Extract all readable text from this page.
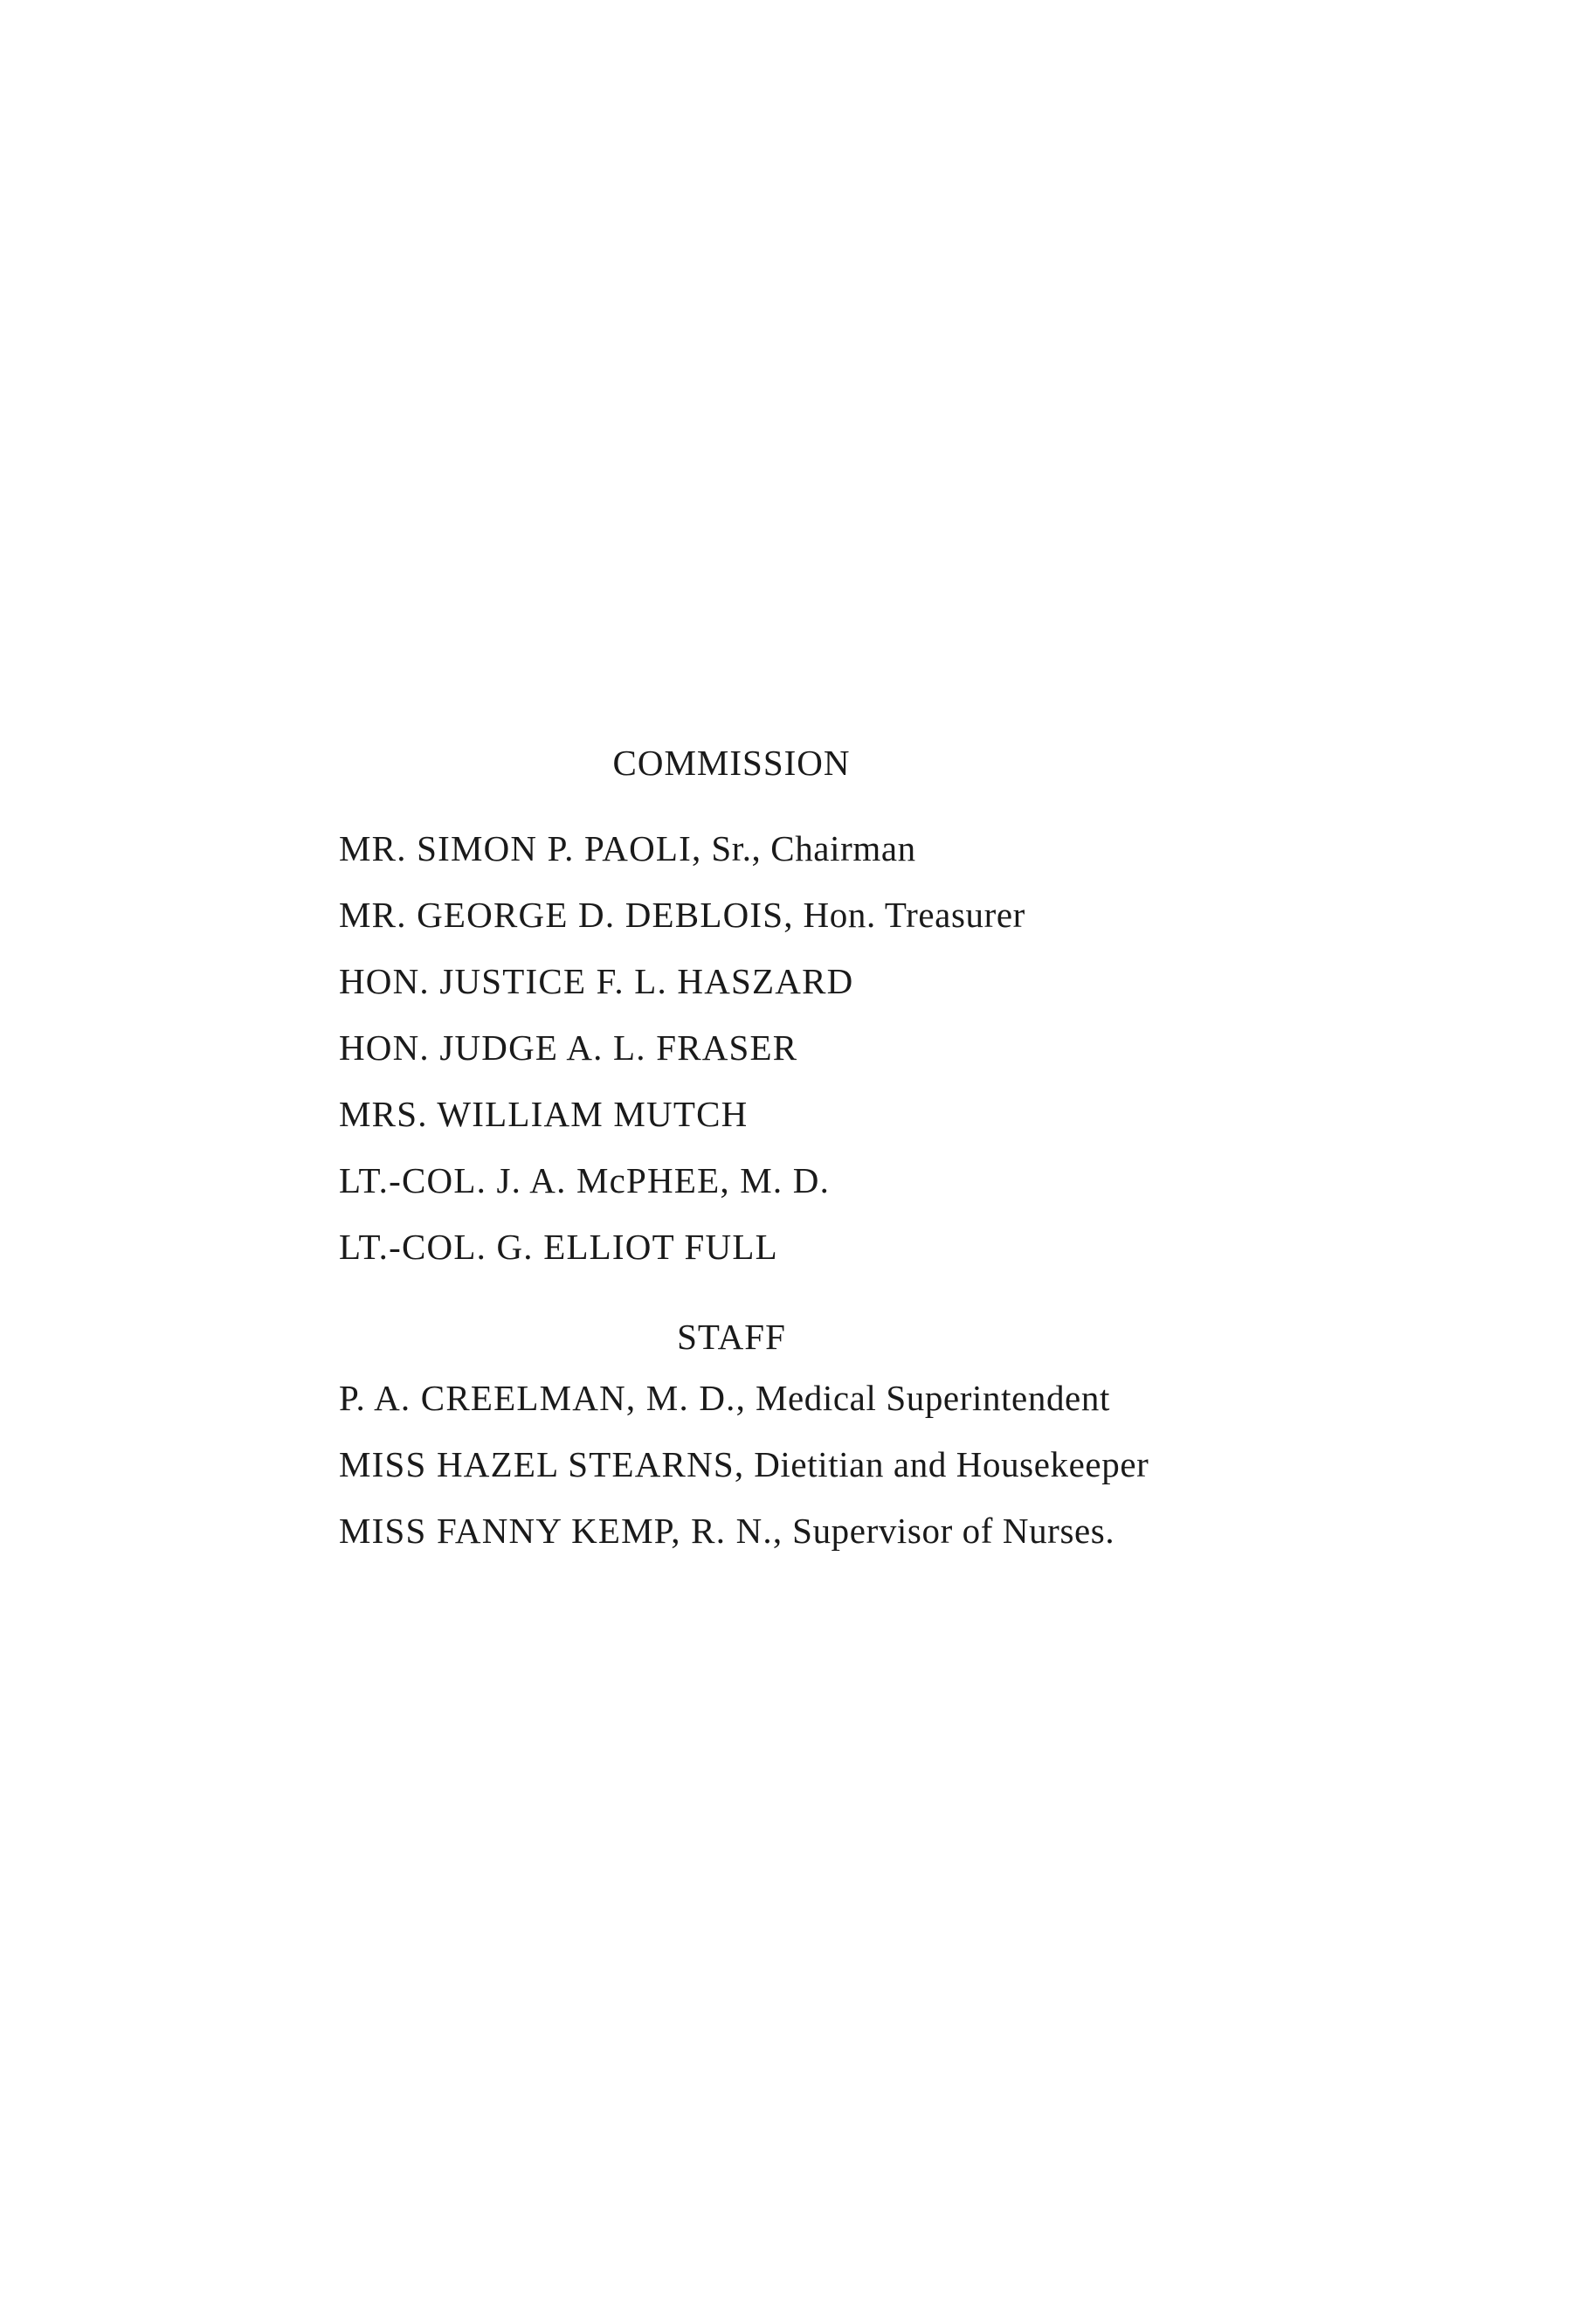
COMMISSION
MR. SIMON P. PAOLI, Sr., Chairman
MR. GEORGE D. DEBLOIS, Hon. Treasurer
HON. JUSTICE F. L. HASZARD
HON. JUDGE A. L. FRASER
MRS. WILLIAM MUTCH
LT.-COL. J. A. McPHEE, M. D.
LT.-COL. G. ELLIOT FULL
STAFF
P. A. CREELMAN, M. D., Medical Superintendent
MISS HAZEL STEARNS, Dietitian and Housekeeper
MISS FANNY KEMP, R. N., Supervisor of Nurses.
